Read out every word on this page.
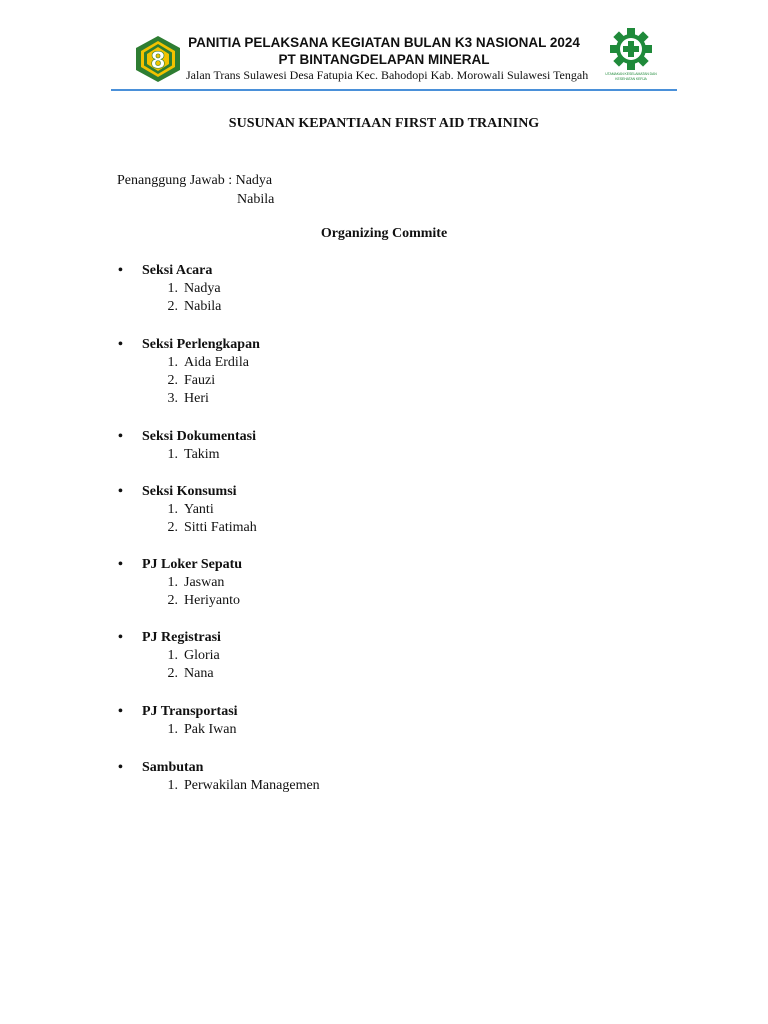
8
PANITIA PELAKSANA KEGIATAN BULAN K3 NASIONAL 2024
PT BINTANGDELAPAN MINERAL
Jalan Trans Sulawesi Desa Fatupia Kec. Bahodopi Kab. Morowali Sulawesi Tengah	UTAMAKAN KESELAMATAN DAN KESEHATAN KERJA
SUSUNAN KEPANTIAAN FIRST AID TRAINING
Penanggung Jawab : Nadya
Nabila
Organizing Commite
• Seksi Acara
1. Nadya
2. Nabila
• Seksi Perlengkapan
1. Aida Erdila
2. Fauzi
3. Heri
• Seksi Dokumentasi
1. Takim
• Seksi Konsumsi
1. Yanti
2. Sitti Fatimah
• PJ Loker Sepatu
1. Jaswan
2. Heriyanto
• PJ Registrasi
1. Gloria
2. Nana
• PJ Transportasi
1. Pak Iwan
• Sambutan
1. Perwakilan Managemen
